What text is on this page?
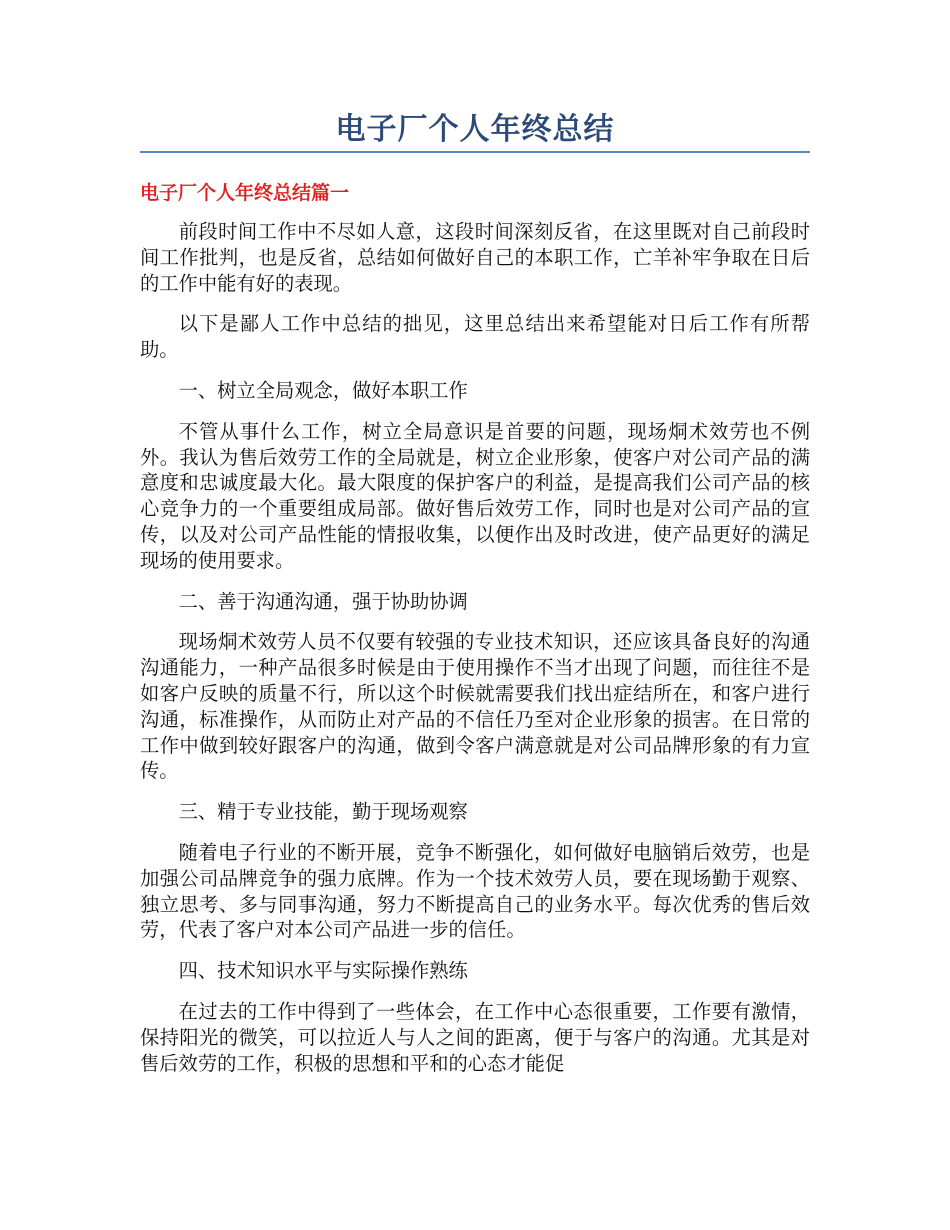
电子厂个人年终总结
电子厂个人年终总结篇一

前段时间工作中不尽如人意，这段时间深刻反省，在这里既对自己前段时间工作批判，也是反省，总结如何做好自己的本职工作，亡羊补牢争取在日后的工作中能有好的表现。

以下是鄙人工作中总结的拙见，这里总结出来希望能对日后工作有所帮助。

一、树立全局观念，做好本职工作

不管从事什么工作，树立全局意识是首要的问题，现场烔术效劳也不例外。我认为售后效劳工作的全局就是，树立企业形象，使客户对公司产品的满意度和忠诚度最大化。最大限度的保护客户的利益，是提高我们公司产品的核心竞争力的一个重要组成局部。做好售后效劳工作，同时也是对公司产品的宣传，以及对公司产品性能的情报收集，以便作出及时改进，使产品更好的满足现场的使用要求。

二、善于沟通沟通，强于协助协调

现场烔术效劳人员不仅要有较强的专业技术知识，还应该具备良好的沟通沟通能力，一种产品很多时候是由于使用操作不当才出现了问题，而往往不是如客户反映的质量不行，所以这个时候就需要我们找出症结所在，和客户进行沟通，标准操作，从而防止对产品的不信任乃至对企业形象的损害。在日常的工作中做到较好跟客户的沟通，做到令客户满意就是对公司品牌形象的有力宣传。

三、精于专业技能，勤于现场观察

随着电子行业的不断开展，竞争不断强化，如何做好电脑销后效劳，也是加强公司品牌竞争的强力底牌。作为一个技术效劳人员，要在现场勤于观察、独立思考、多与同事沟通，努力不断提高自己的业务水平。每次优秀的售后效劳，代表了客户对本公司产品进一步的信任。

四、技术知识水平与实际操作熟练

在过去的工作中得到了一些体会，在工作中心态很重要，工作要有激情，保持阳光的微笑，可以拉近人与人之间的距离，便于与客户的沟通。尤其是对售后效劳的工作，积极的思想和平和的心态才能促
